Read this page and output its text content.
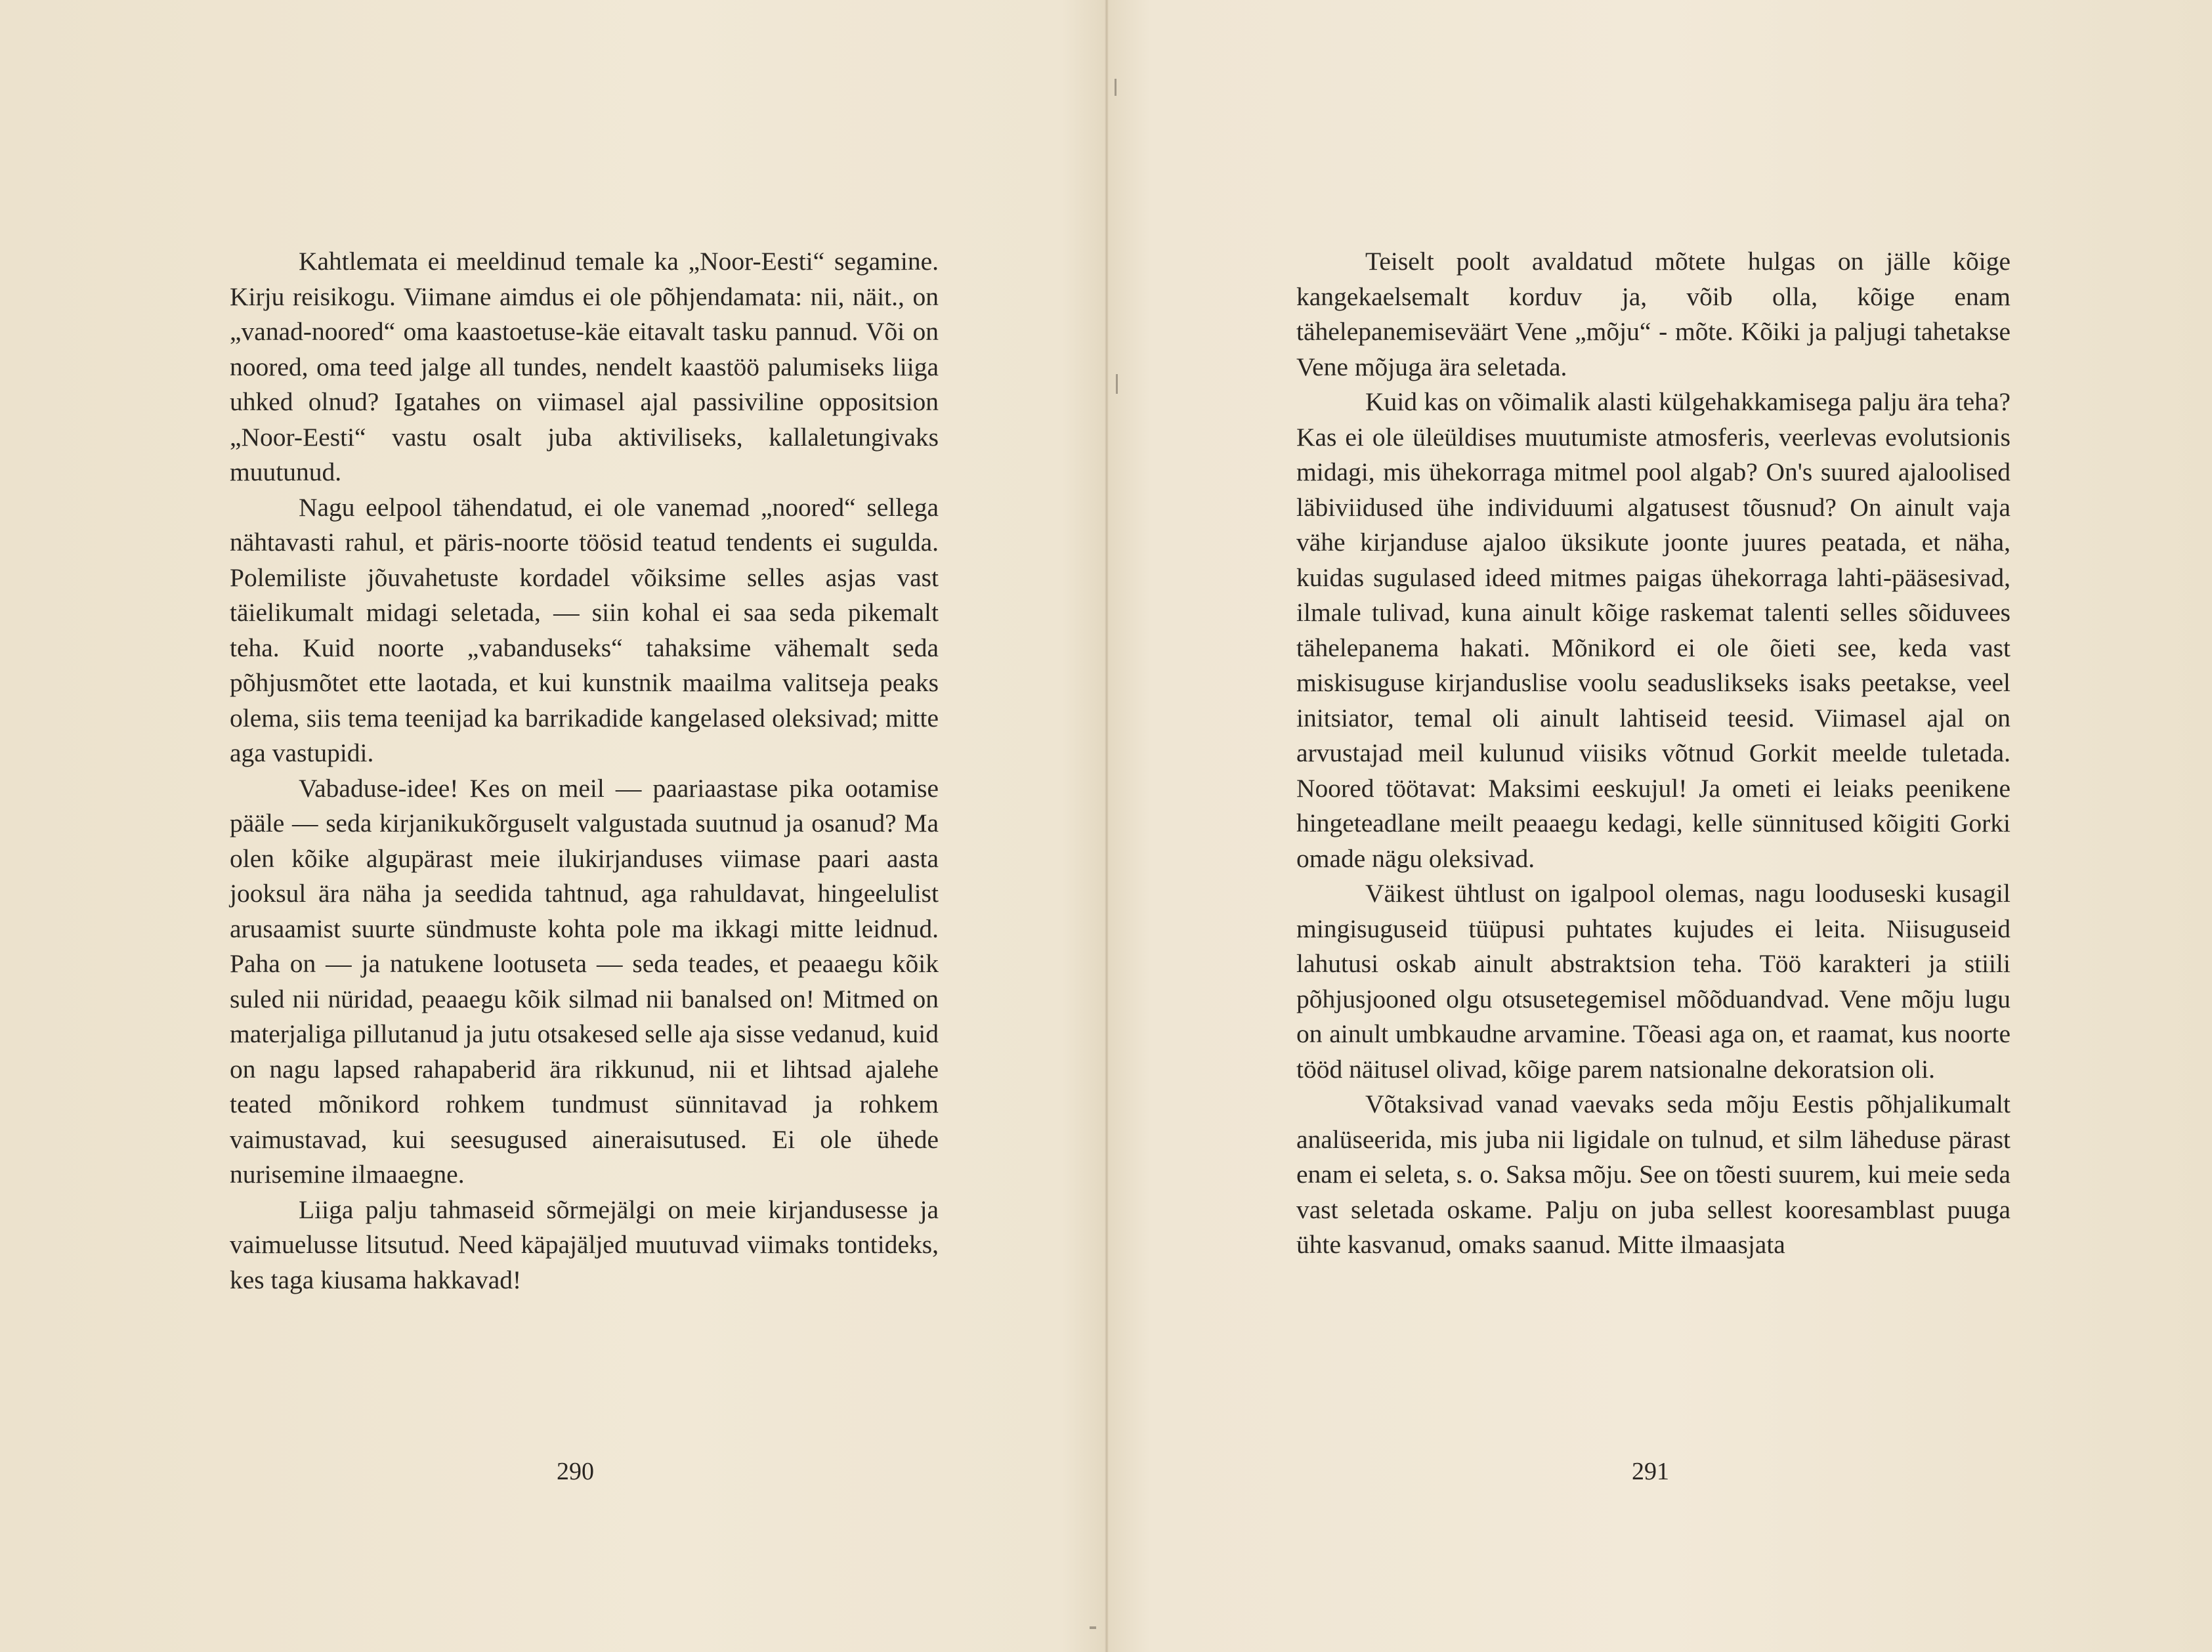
Kahtlemata ei meeldinud temale ka „Noor-Eesti“ segamine. Kirju reisikogu. Viimane aimdus ei ole põhjendamata: nii, näit., on „vanad-noored“ oma kaastoetuse-käe eitavalt tasku pannud. Või on noored, oma teed jalge all tundes, nendelt kaastöö palumiseks liiga uhked olnud? Igatahes on viimasel ajal passiviline oppositsion „Noor-Eesti“ vastu osalt juba aktiviliseks, kallaletungivaks muutunud.

Nagu eelpool tähendatud, ei ole vanemad „noored“ sellega nähtavasti rahul, et päris-noorte töösid teatud tendents ei sugulda. Polemiliste jõuvahetuste kordadel võiksime selles asjas vast täielikumalt midagi seletada, — siin kohal ei saa seda pikemalt teha. Kuid noorte „vabanduseks“ tahaksime vähemalt seda põhjusmõtet ette laotada, et kui kunstnik maailma valitseja peaks olema, siis tema teenijad ka barrikadide kangelased oleksivad; mitte aga vastupidi.

Vabaduse-idee! Kes on meil — paariaastase pika ootamise pääle — seda kirjanikukõrguselt valgustada suutnud ja osanud? Ma olen kõike algupärast meie ilukirjanduses viimase paari aasta jooksul ära näha ja seedida tahtnud, aga rahuldavat, hingeelulist arusaamist suurte sündmuste kohta pole ma ikkagi mitte leidnud. Paha on — ja natukene lootuseta — seda teades, et peaaegu kõik suled nii nüridad, peaaegu kõik silmad nii banalsed on! Mitmed on materjaliga pillutanud ja jutu otsakesed selle aja sisse vedanud, kuid on nagu lapsed rahapaberid ära rikkunud, nii et lihtsad ajalehe teated mõnikord rohkem tundmust sünnitavad ja rohkem vaimustavad, kui seesugused aineraisutused. Ei ole ühede nurisemine ilmaaegne.

Liiga palju tahmaseid sõrmejälgi on meie kirjandusesse ja vaimuelusse litsutud. Need käpajäljed muutuvad viimaks tontideks, kes taga kiusama hakkavad!

290

Teiselt poolt avaldatud mõtete hulgas on jälle kõige kangekaelsemalt korduv ja, võib olla, kõige enam tähelepanemiseväärt Vene „mõju“ - mõte. Kõiki ja paljugi tahetakse Vene mõjuga ära seletada.

Kuid kas on võimalik alasti külgehakkamisega palju ära teha? Kas ei ole üleüldises muutumiste atmosferis, veerlevas evolutsionis midagi, mis ühekorraga mitmel pool algab? On's suured ajaloolised läbiviidused ühe individuumi algatusest tõusnud? On ainult vaja vähe kirjanduse ajaloo üksikute joonte juures peatada, et näha, kuidas sugulased ideed mitmes paigas ühekorraga lahti-pääsesivad, ilmale tulivad, kuna ainult kõige raskemat talenti selles sõiduvees tähelepanema hakati. Mõnikord ei ole õieti see, keda vast miskisuguse kirjanduslise voolu seaduslikseks isaks peetakse, veel initsiator, temal oli ainult lahtiseid teesid. Viimasel ajal on arvustajad meil kulunud viisiks võtnud Gorkit meelde tuletada. Noored töötavat: Maksimi eeskujul! Ja ometi ei leiaks peenikene hingeteadlane meilt peaaegu kedagi, kelle sünnitused kõigiti Gorki omade nägu oleksivad.

Väikest ühtlust on igalpool olemas, nagu looduseski kusagil mingisuguseid tüüpusi puhtates kujudes ei leita. Niisuguseid lahutusi oskab ainult abstraktsion teha. Töö karakteri ja stiili põhjusjooned olgu otsusetegemisel mõõduandvad. Vene mõju lugu on ainult umbkaudne arvamine. Tõeasi aga on, et raamat, kus noorte tööd näitusel olivad, kõige parem natsionalne dekoratsion oli.

Võtaksivad vanad vaevaks seda mõju Eestis põhjalikumalt analüseerida, mis juba nii ligidale on tulnud, et silm läheduse pärast enam ei seleta, s. o. Saksa mõju. See on tõesti suurem, kui meie seda vast seletada oskame. Palju on juba sellest kooresamblast puuga ühte kasvanud, omaks saanud. Mitte ilmaasjata

291
